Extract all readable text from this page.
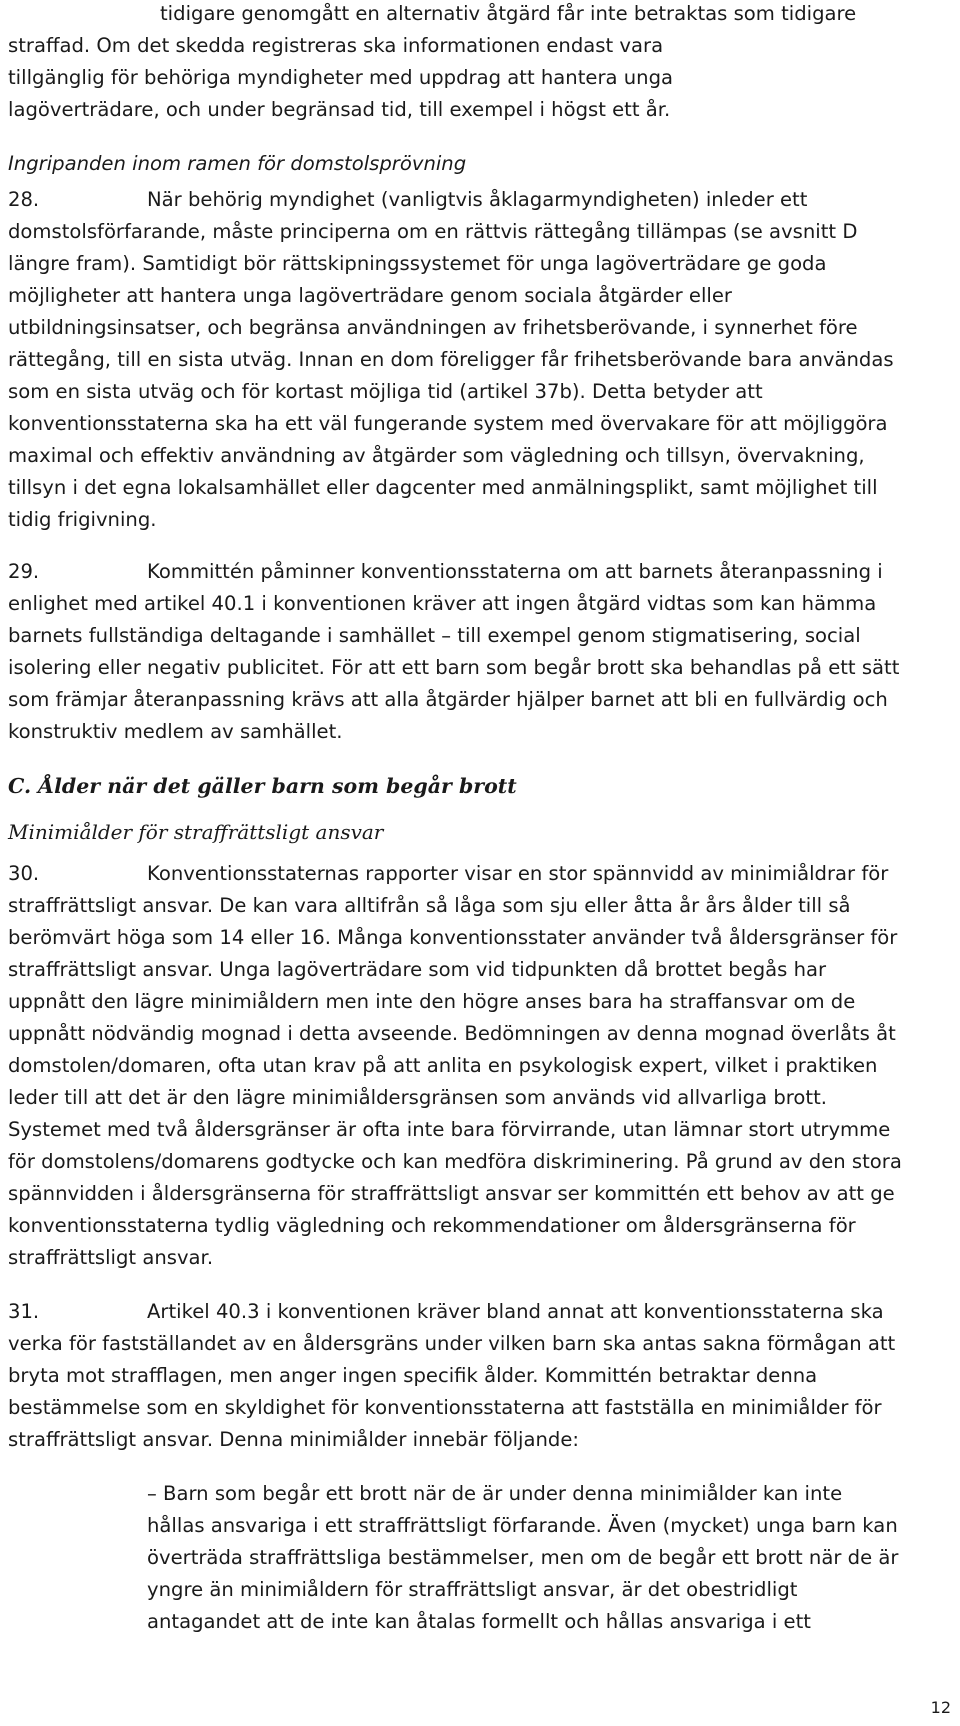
tidigare genomgått en alternativ åtgärd får inte betraktas som tidigare
straffad. Om det skedda registreras ska informationen endast vara
tillgänglig för behöriga myndigheter med uppdrag att hantera unga
lagöverträdare, och under begränsad tid, till exempel i högst ett år.
Ingripanden inom ramen för domstolsprövning
28.	När behörig myndighet (vanligtvis åklagarmyndigheten) inleder ett
domstolsförfarande, måste principerna om en rättvis rättegång tillämpas (se avsnitt D
längre fram). Samtidigt bör rättskipningssystemet för unga lagöverträdare ge goda
möjligheter att hantera unga lagöverträdare genom sociala åtgärder eller
utbildningsinsatser, och begränsa användningen av frihetsberövande, i synnerhet före
rättegång, till en sista utväg. Innan en dom föreligger får frihetsberövande bara användas
som en sista utväg och för kortast möjliga tid (artikel 37b). Detta betyder att
konventionsstaterna ska ha ett väl fungerande system med övervakare för att möjliggöra
maximal och effektiv användning av åtgärder som vägledning och tillsyn, övervakning,
tillsyn i det egna lokalsamhället eller dagcenter med anmälningsplikt, samt möjlighet till
tidig frigivning.
29.	Kommittén påminner konventionsstaterna om att barnets återanpassning i
enlighet med artikel 40.1 i konventionen kräver att ingen åtgärd vidtas som kan hämma
barnets fullständiga deltagande i samhället – till exempel genom stigmatisering, social
isolering eller negativ publicitet. För att ett barn som begår brott ska behandlas på ett sätt
som främjar återanpassning krävs att alla åtgärder hjälper barnet att bli en fullvärdig och
konstruktiv medlem av samhället.
C. Ålder när det gäller barn som begår brott
Minimiålder för straffrättsligt ansvar
30.	Konventionsstaternas rapporter visar en stor spännvidd av minimiåldrar för
straffrättsligt ansvar. De kan vara alltifrån så låga som sju eller åtta år års ålder till så
berömvärt höga som 14 eller 16. Många konventionsstater använder två åldersgränser för
straffrättsligt ansvar. Unga lagöverträdare som vid tidpunkten då brottet begås har
uppnått den lägre minimiåldern men inte den högre anses bara ha straffansvar om de
uppnått nödvändig mognad i detta avseende. Bedömningen av denna mognad överlåts åt
domstolen/domaren, ofta utan krav på att anlita en psykologisk expert, vilket i praktiken
leder till att det är den lägre minimiåldersgränsen som används vid allvarliga brott.
Systemet med två åldersgränser är ofta inte bara förvirrande, utan lämnar stort utrymme
för domstolens/domarens godtycke och kan medföra diskriminering. På grund av den stora
spännvidden i åldersgränserna för straffrättsligt ansvar ser kommittén ett behov av att ge
konventionsstaterna tydlig vägledning och rekommendationer om åldersgränserna för
straffrättsligt ansvar.
31.	Artikel 40.3 i konventionen kräver bland annat att konventionsstaterna ska
verka för fastställandet av en åldersgräns under vilken barn ska antas sakna förmågan att
bryta mot strafflagen, men anger ingen specifik ålder. Kommittén betraktar denna
bestämmelse som en skyldighet för konventionsstaterna att fastställa en minimiålder för
straffrättsligt ansvar. Denna minimiålder innebär följande:
– Barn som begår ett brott när de är under denna minimiålder kan inte
hållas ansvariga i ett straffrättsligt förfarande. Även (mycket) unga barn kan
överträda straffrättsliga bestämmelser, men om de begår ett brott när de är
yngre än minimiåldern för straffrättsligt ansvar, är det obestridligt
antagandet att de inte kan åtalas formellt och hållas ansvariga i ett
12
